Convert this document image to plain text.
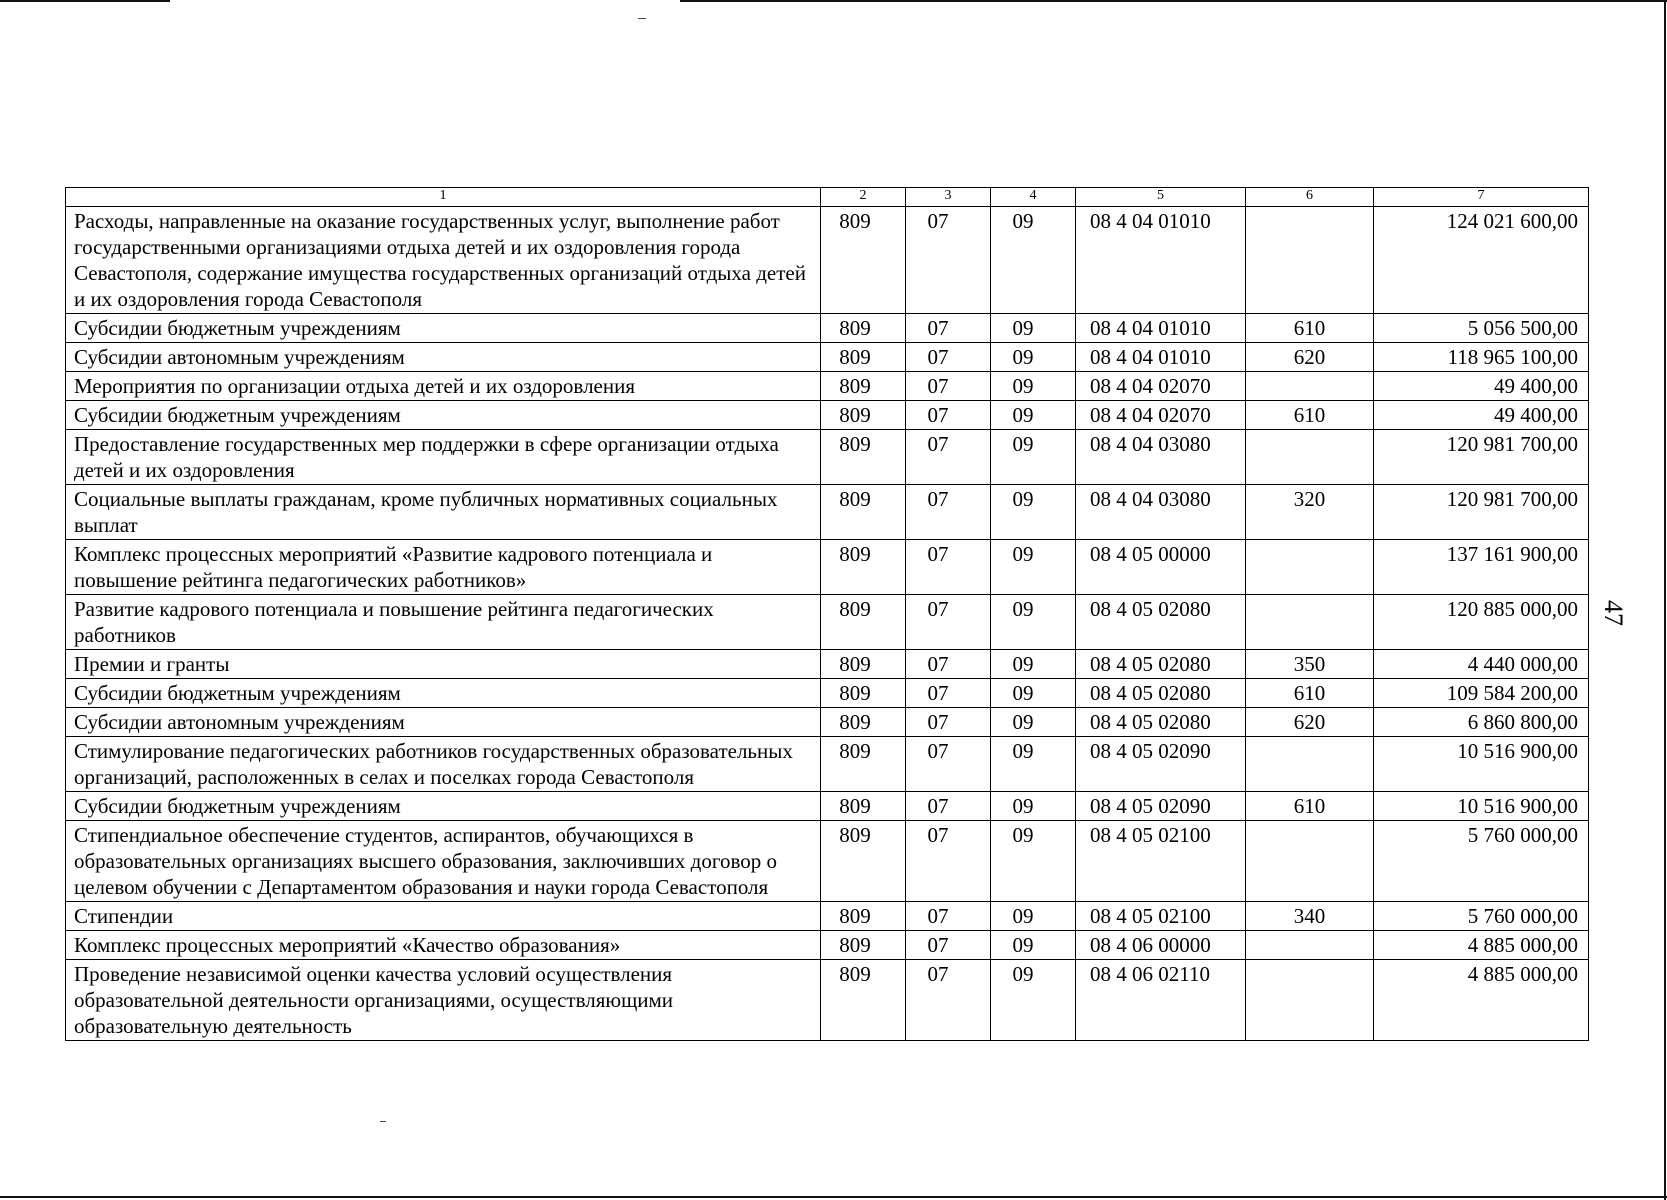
1	2	3	4	5	6	7
Расходы, направленные на оказание государственных услуг, выполнение работ государственными организациями отдыха детей и их оздоровления города Севастополя, содержание имущества государственных организаций отдыха детей и их оздоровления города Севастополя	809	07	09	08 4 04 01010		124 021 600,00
Субсидии бюджетным учреждениям	809	07	09	08 4 04 01010	610	5 056 500,00
Субсидии автономным учреждениям	809	07	09	08 4 04 01010	620	118 965 100,00
Мероприятия по организации отдыха детей и их оздоровления	809	07	09	08 4 04 02070		49 400,00
Субсидии бюджетным учреждениям	809	07	09	08 4 04 02070	610	49 400,00
Предоставление государственных мер поддержки в сфере организации отдыха детей и их оздоровления	809	07	09	08 4 04 03080		120 981 700,00
Социальные выплаты гражданам, кроме публичных нормативных социальных выплат	809	07	09	08 4 04 03080	320	120 981 700,00
Комплекс процессных мероприятий «Развитие кадрового потенциала и повышение рейтинга педагогических работников»	809	07	09	08 4 05 00000		137 161 900,00
Развитие кадрового потенциала и повышение рейтинга педагогических работников	809	07	09	08 4 05 02080		120 885 000,00
Премии и гранты	809	07	09	08 4 05 02080	350	4 440 000,00
Субсидии бюджетным учреждениям	809	07	09	08 4 05 02080	610	109 584 200,00
Субсидии автономным учреждениям	809	07	09	08 4 05 02080	620	6 860 800,00
Стимулирование педагогических работников государственных образовательных организаций, расположенных в селах и поселках города Севастополя	809	07	09	08 4 05 02090		10 516 900,00
Субсидии бюджетным учреждениям	809	07	09	08 4 05 02090	610	10 516 900,00
Стипендиальное обеспечение студентов, аспирантов, обучающихся в образовательных организациях высшего образования, заключивших договор о целевом обучении с Департаментом образования и науки города Севастополя	809	07	09	08 4 05 02100		5 760 000,00
Стипендии	809	07	09	08 4 05 02100	340	5 760 000,00
Комплекс процессных мероприятий «Качество образования»	809	07	09	08 4 06 00000		4 885 000,00
Проведение независимой оценки качества условий осуществления образовательной деятельности организациями, осуществляющими образовательную деятельность	809	07	09	08 4 06 02110		4 885 000,00
47
